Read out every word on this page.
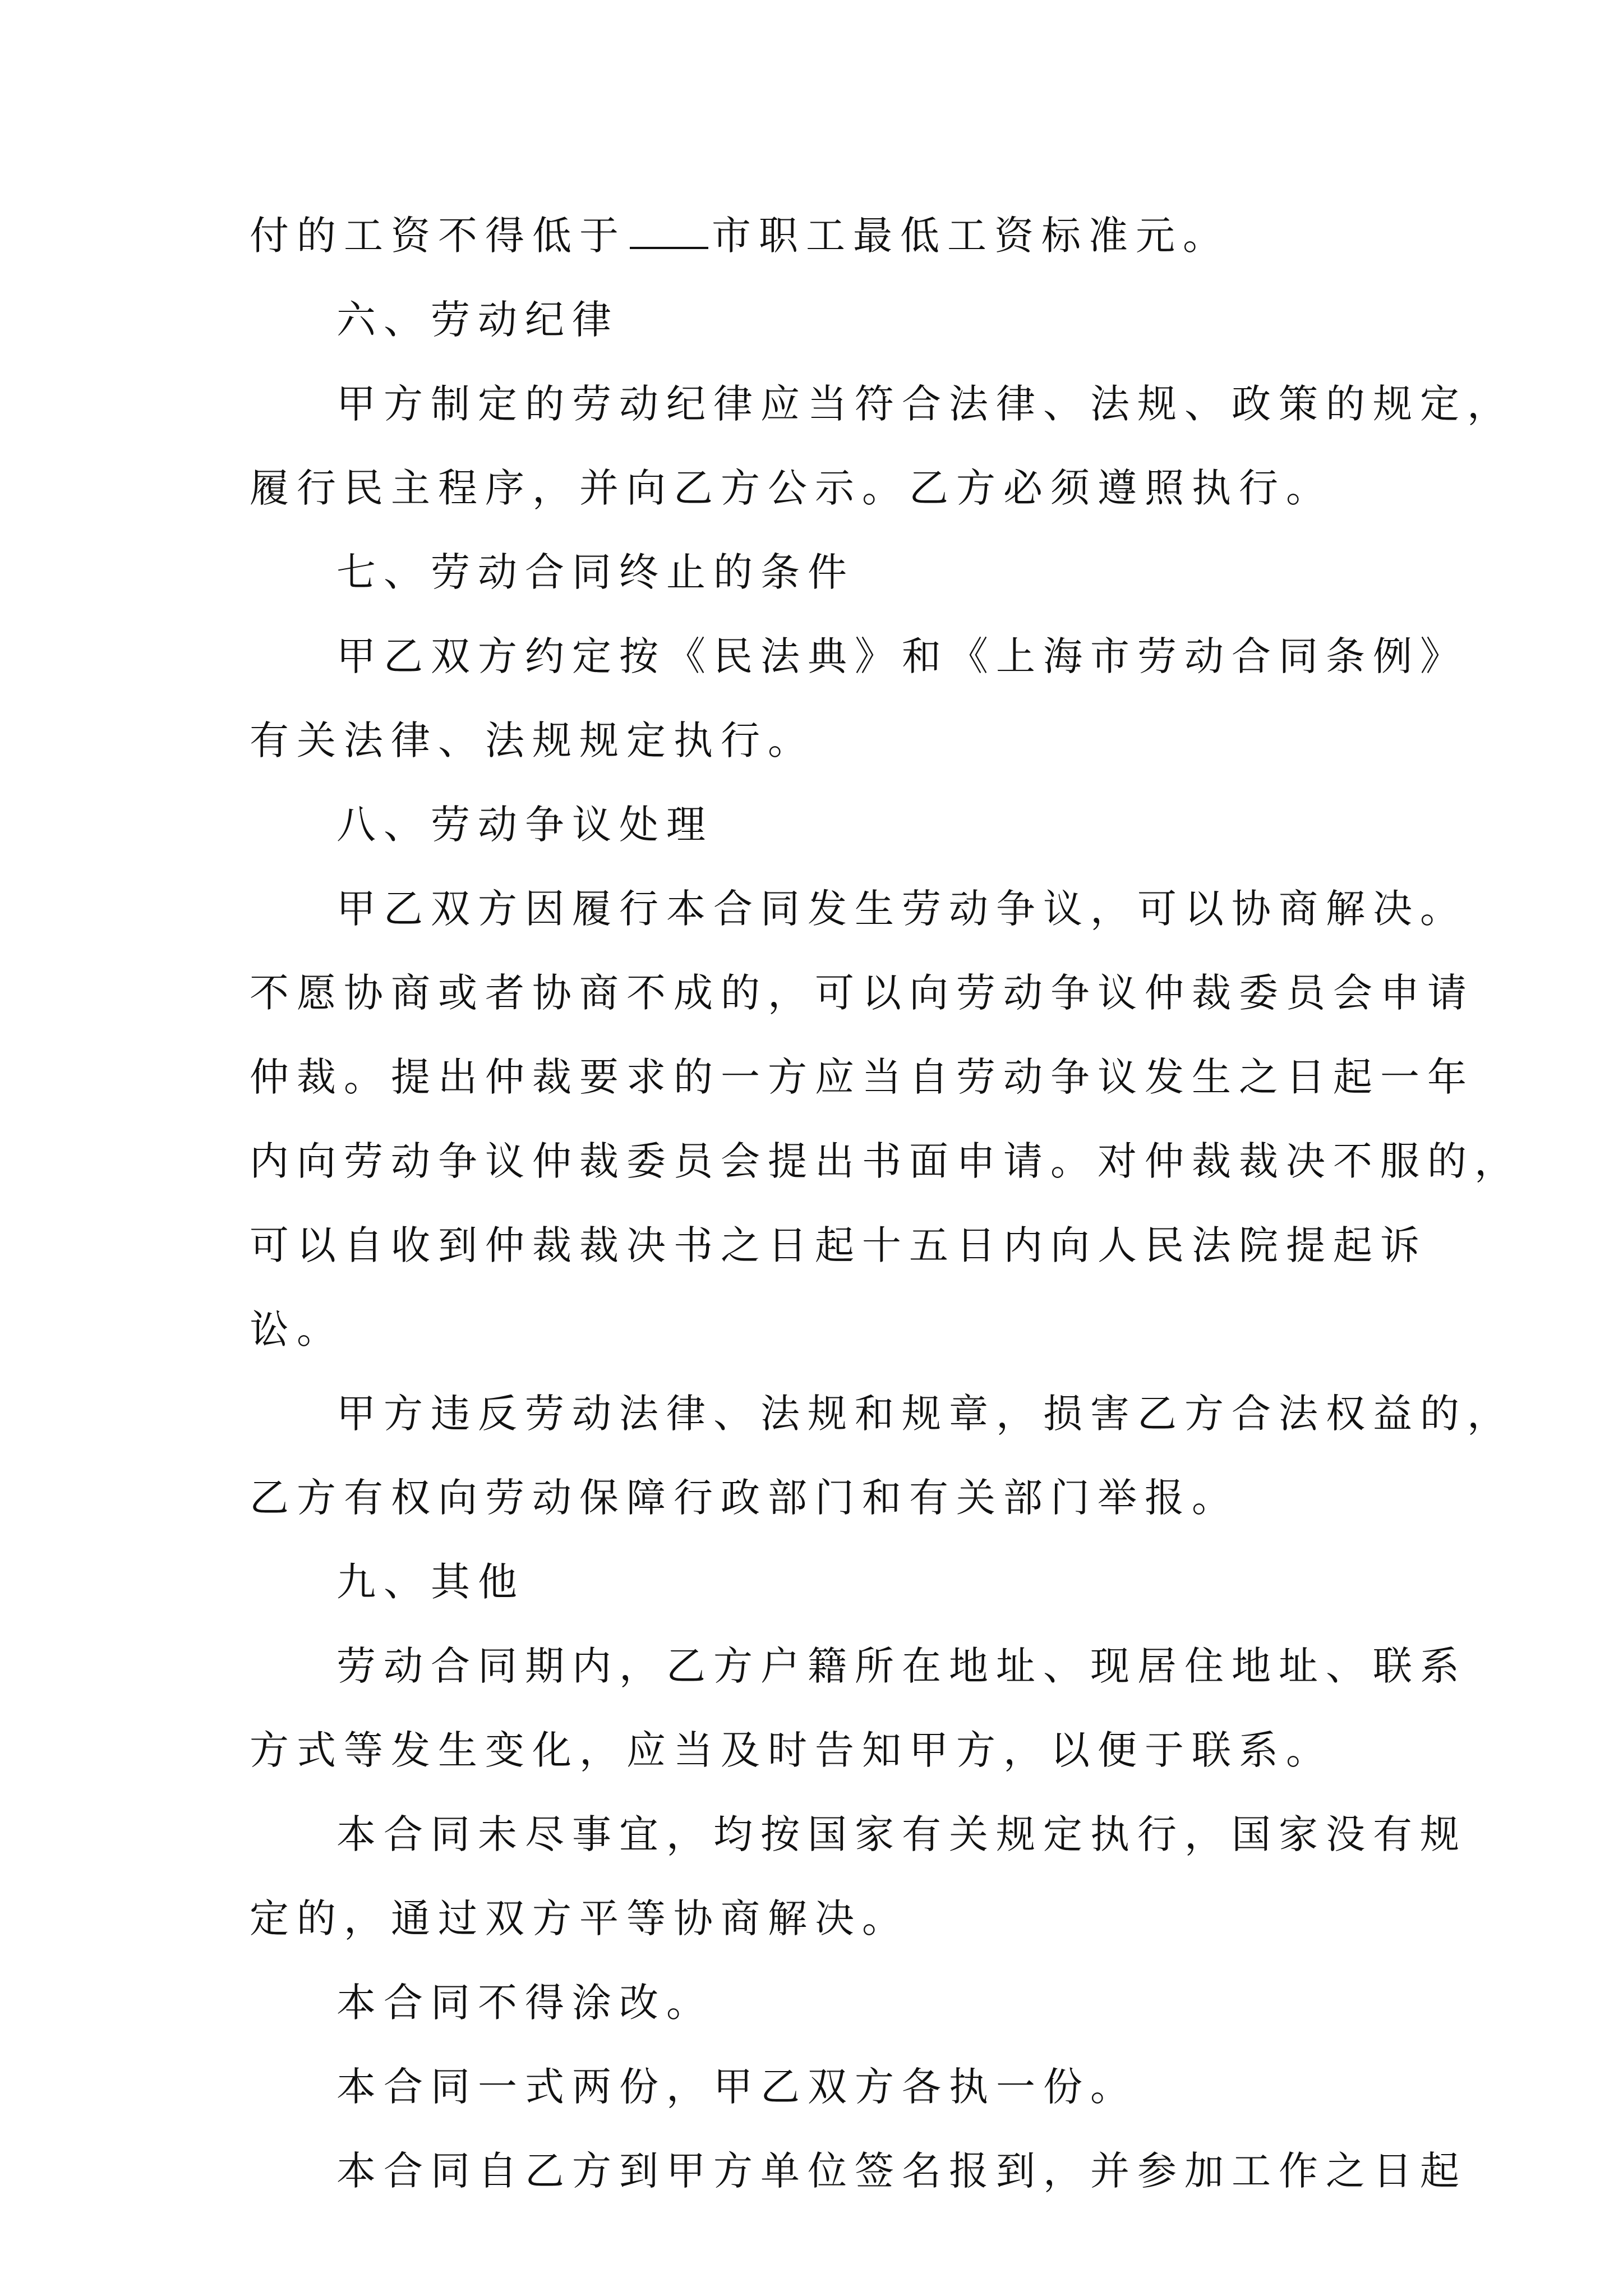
付的工资不得低于 市职工最低工资标准元。
六、劳动纪律
甲方制定的劳动纪律应当符合法律、法规、政策的规定，
履行民主程序，并向乙方公示。乙方必须遵照执行。
七、劳动合同终止的条件
甲乙双方约定按《民法典》和《上海市劳动合同条例》
有关法律、法规规定执行。
八、劳动争议处理
甲乙双方因履行本合同发生劳动争议，可以协商解决。
不愿协商或者协商不成的，可以向劳动争议仲裁委员会申请
仲裁。提出仲裁要求的一方应当自劳动争议发生之日起一年
内向劳动争议仲裁委员会提出书面申请。对仲裁裁决不服的，
可以自收到仲裁裁决书之日起十五日内向人民法院提起诉
讼。
甲方违反劳动法律、法规和规章，损害乙方合法权益的，
乙方有权向劳动保障行政部门和有关部门举报。
九、其他
劳动合同期内，乙方户籍所在地址、现居住地址、联系
方式等发生变化，应当及时告知甲方，以便于联系。
本合同未尽事宜，均按国家有关规定执行，国家没有规
定的，通过双方平等协商解决。
本合同不得涂改。
本合同一式两份，甲乙双方各执一份。
本合同自乙方到甲方单位签名报到，并参加工作之日起
